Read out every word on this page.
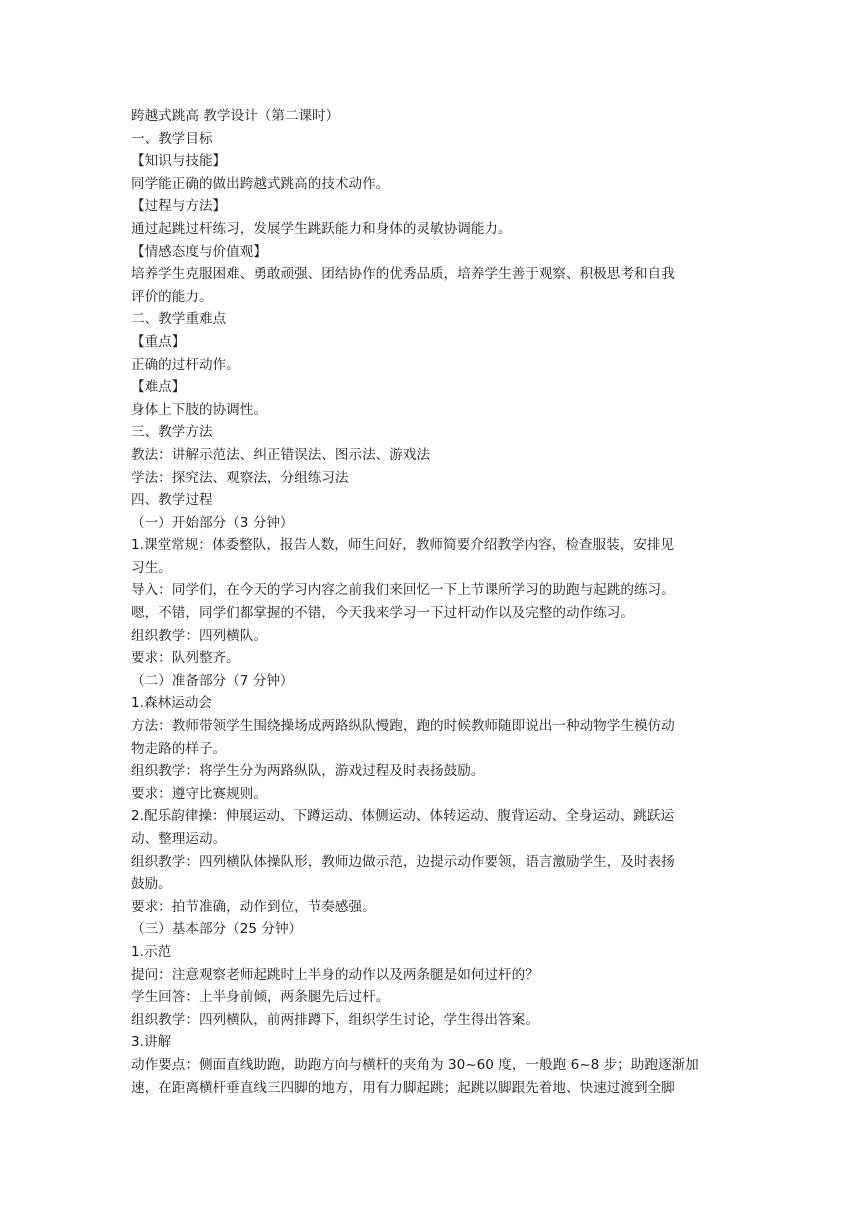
跨越式跳高 教学设计（第二课时）
一、教学目标
【知识与技能】
同学能正确的做出跨越式跳高的技术动作。
【过程与方法】
通过起跳过杆练习，发展学生跳跃能力和身体的灵敏协调能力。
【情感态度与价值观】
培养学生克服困难、勇敢顽强、团结协作的优秀品质，培养学生善于观察、积极思考和自我
评价的能力。
二、教学重难点
【重点】
正确的过杆动作。
【难点】
身体上下肢的协调性。
三、教学方法
教法：讲解示范法、纠正错误法、图示法、游戏法
学法：探究法、观察法，分组练习法
四、教学过程
（一）开始部分（3 分钟）
1.课堂常规：体委整队，报告人数，师生问好，教师简要介绍教学内容，检查服装，安排见
习生。
导入：同学们，在今天的学习内容之前我们来回忆一下上节课所学习的助跑与起跳的练习。
嗯，不错，同学们都掌握的不错，今天我来学习一下过杆动作以及完整的动作练习。
组织教学：四列横队。
要求：队列整齐。
（二）准备部分（7 分钟）
1.森林运动会
方法：教师带领学生围绕操场成两路纵队慢跑，跑的时候教师随即说出一种动物学生模仿动
物走路的样子。
组织教学：将学生分为两路纵队，游戏过程及时表扬鼓励。
要求：遵守比赛规则。
2.配乐韵律操：伸展运动、下蹲运动、体侧运动、体转运动、腹背运动、全身运动、跳跃运
动、整理运动。
组织教学：四列横队体操队形，教师边做示范，边提示动作要领，语言激励学生，及时表扬
鼓励。
要求：拍节准确，动作到位，节奏感强。
（三）基本部分（25 分钟）
1.示范
提问：注意观察老师起跳时上半身的动作以及两条腿是如何过杆的？
学生回答：上半身前倾，两条腿先后过杆。
组织教学：四列横队，前两排蹲下，组织学生讨论，学生得出答案。
3.讲解
动作要点：侧面直线助跑，助跑方向与横杆的夹角为 30~60 度，一般跑 6~8 步；助跑逐渐加
速，在距离横杆垂直线三四脚的地方，用有力脚起跳；起跳以脚跟先着地、快速过渡到全脚
